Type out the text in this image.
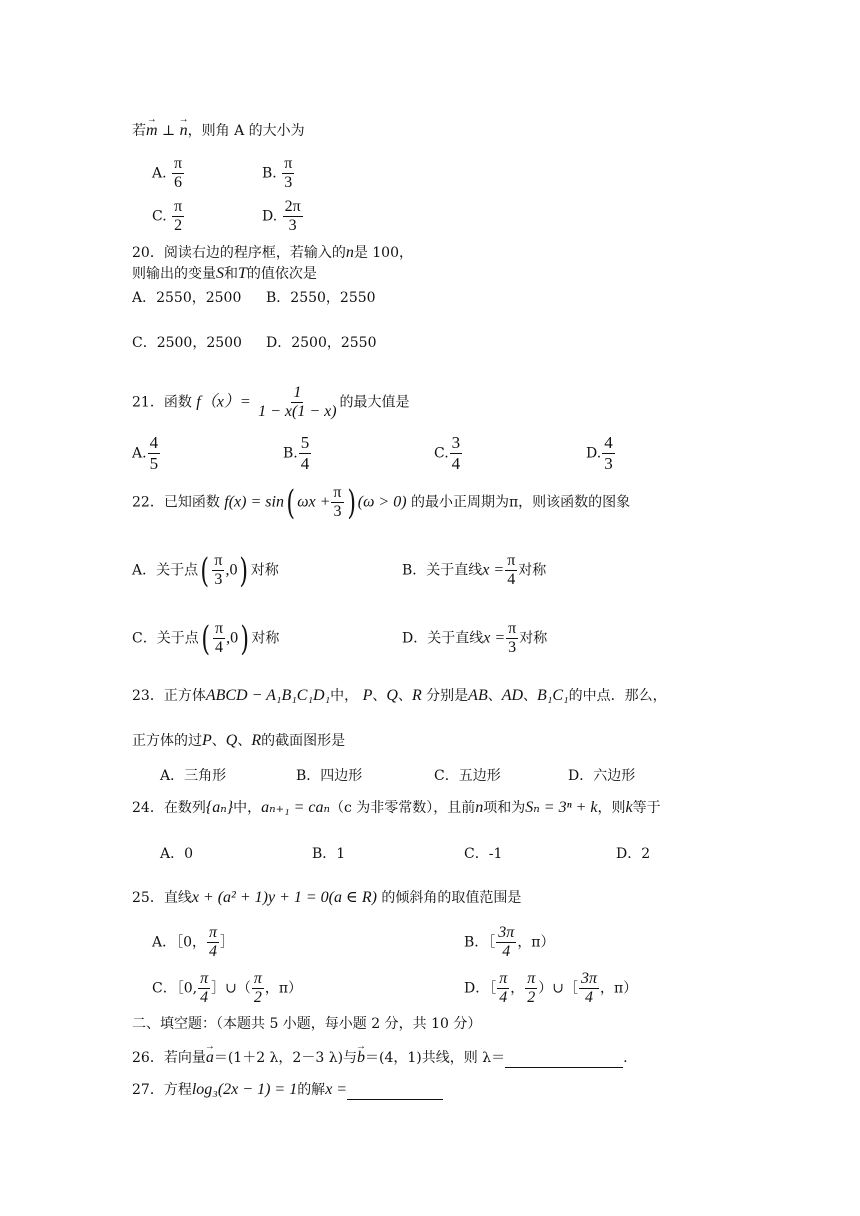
若→ m ⊥ → n，则角 A 的大小为
A. $\frac{\pi}{6}$	B. $\frac{\pi}{3}$
C. $\frac{\pi}{2}$	D. $\frac{2\pi}{3}$
20．阅读右边的程序框，若输入的n是 100，
则输出的变量S和T的值依次是
A．2550，2500 B．2550，2550
C．2500，2500 D．2500，2550
21．函数 $f(x)= \frac{1}{1 - x(1 - x)}$ 的最大值是
A. $\frac{4}{5}$	B. $\frac{5}{4}$	C. $\frac{3}{4}$	D. $\frac{4}{3}$
22．已知函数 f(x) = sin( $\omega x + \frac{\pi}{3}$ ) (ω > 0) 的最小正周期为π，则该函数的图象
A．关于点( $\frac{\pi}{3} ,0$) 对称	B．关于直线$x = \frac{\pi}{4}$ 对称
C．关于点( $\frac{\pi}{4} ,0$) 对称	D．关于直线$x = \frac{\pi}{3}$ 对称
23．正方体ABCD − A₁B₁C₁D₁中， P、Q、R 分别是AB、AD、B₁C₁的中点．那么，
正方体的过P、Q、R的截面图形是
A．三角形	B．四边形	C．五边形	D．六边形
24．在数列{aₙ}中，aₙ₊₁ = caₙ（c 为非零常数），且前n项和为Sₙ = 3ⁿ + k，则k等于
A．0	B．1	C．-1	D．2
25．直线x + (a² + 1)y + 1 = 0(a ∈ R) 的倾斜角的取值范围是
A．［0， $\frac{\pi}{4}$ ］	B．［ $\frac{3\pi}{4}$ ，π）
C．［0, $\frac{\pi}{4}$ ］∪（ $\frac{\pi}{2}$ ，π）	D．［ $\frac{\pi}{4}$ ， $\frac{\pi}{2}$ ）∪［ $\frac{3\pi}{4}$ ，π）
二、填空题：（本题共 5 小题，每小题 2 分，共 10 分）
26．若向量→ a＝(1＋2 λ，2－3 λ)与→ b＝(4，1)共线，则 λ＝	.
27．方程log₃(2x − 1) = 1的解x =
